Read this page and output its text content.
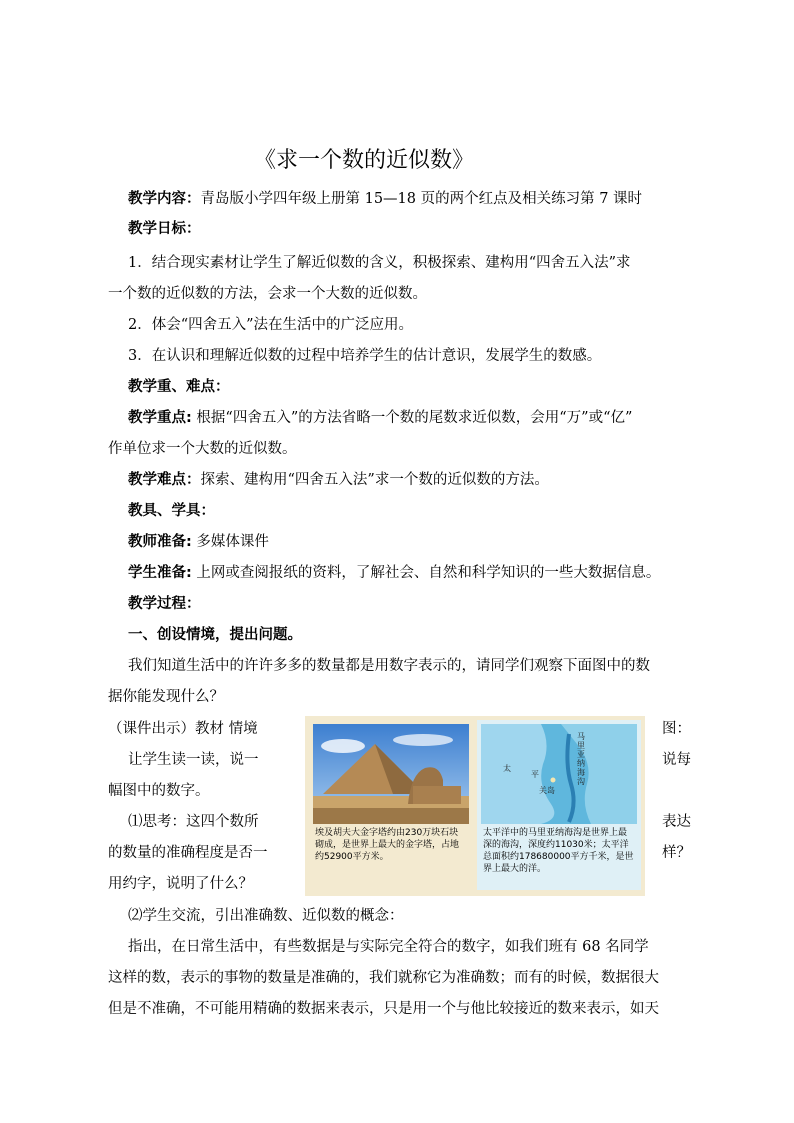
《求一个数的近似数》
教学内容：青岛版小学四年级上册第 15—18 页的两个红点及相关练习第 7 课时
教学日标：
1．结合现实素材让学生了解近似数的含义，积极探索、建构用“四舍五入法”求
一个数的近似数的方法，会求一个大数的近似数。
2．体会“四舍五入”法在生活中的广泛应用。
3．在认识和理解近似数的过程中培养学生的估计意识，发展学生的数感。
教学重、难点：
教学重点: 根据“四舍五入”的方法省略一个数的尾数求近似数，会用“万”或“亿”
作单位求一个大数的近似数。
教学难点：探索、建构用“四舍五入法”求一个数的近似数的方法。
教具、学具：
教师准备: 多媒体课件
学生准备: 上网或查阅报纸的资料，了解社会、自然和科学知识的一些大数据信息。
教学过程：
一、创设情境，提出问题。
我们知道生活中的许许多多的数量都是用数字表示的，请同学们观察下面图中的数
据你能发现什么？
（课件出示）教材 情境	图：
让学生读一读，说一	说每
幅图中的数字。
⑴思考：这四个数所	表达
的数量的准确程度是否一	样？
用约字，说明了什么？
埃及胡夫大金字塔约由230万块石块砌成，是世界上最大的金字塔，占地约52900平方米。
马里亚纳海沟
太
平
关岛
太平洋中的马里亚纳海沟是世界上最深的海沟，深度约11030米；太平洋总面积约178680000平方千米，是世界上最大的洋。
⑵学生交流，引出准确数、近似数的概念：
指出，在日常生活中，有些数据是与实际完全符合的数字，如我们班有 68 名同学
这样的数，表示的事物的数量是准确的，我们就称它为准确数；而有的时候，数据很大
但是不准确，不可能用精确的数据来表示，只是用一个与他比较接近的数来表示，如天
